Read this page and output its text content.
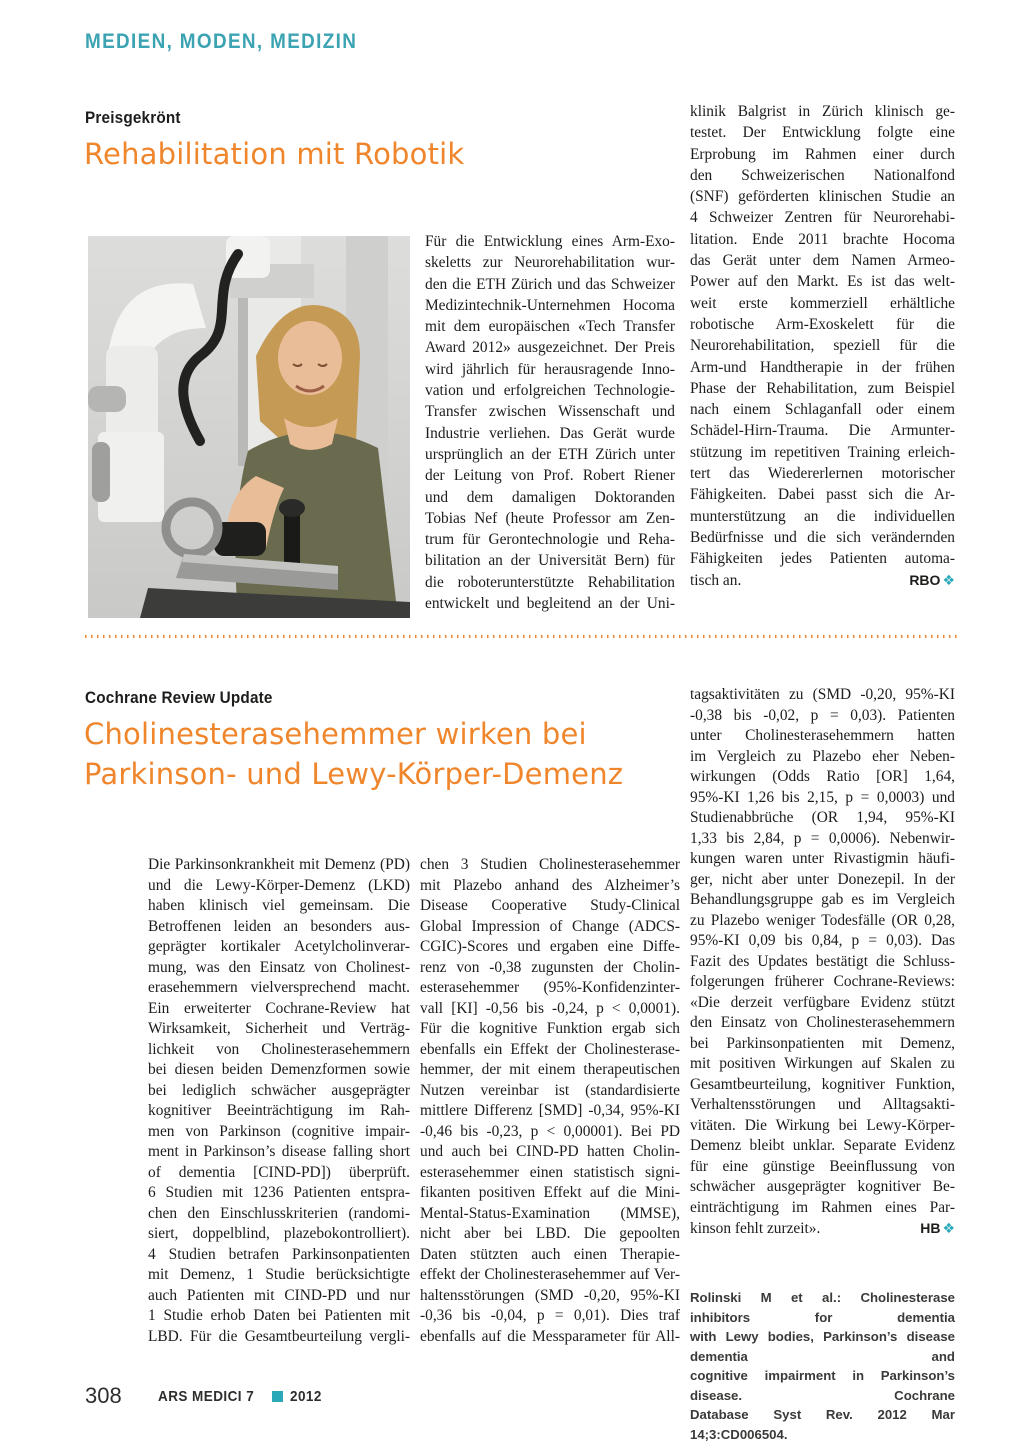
MEDIEN, MODEN, MEDIZIN
Preisgekrönt
Rehabilitation mit Robotik
Für die Entwicklung eines Arm-Exo-
skeletts zur Neurorehabilitation wur-
den die ETH Zürich und das Schweizer
Medizintechnik-Unternehmen Hocoma
mit dem europäischen «Tech Transfer
Award 2012» ausgezeichnet. Der Preis
wird jährlich für herausragende Inno-
vation und erfolgreichen Technologie-
Transfer zwischen Wissenschaft und
Industrie verliehen. Das Gerät wurde
ursprünglich an der ETH Zürich unter
der Leitung von Prof. Robert Riener
und dem damaligen Doktoranden
Tobias Nef (heute Professor am Zen-
trum für Gerontechnologie und Reha-
bilitation an der Universität Bern) für
die roboterunterstützte Rehabilitation
entwickelt und begleitend an der Uni-
klinik Balgrist in Zürich klinisch ge-
testet. Der Entwicklung folgte eine
Erprobung im Rahmen einer durch
den Schweizerischen Nationalfond
(SNF) geförderten klinischen Studie an
4 Schweizer Zentren für Neurorehabi-
litation. Ende 2011 brachte Hocoma
das Gerät unter dem Namen Armeo-
Power auf den Markt. Es ist das welt-
weit erste kommerziell erhältliche
robotische Arm-Exoskelett für die
Neurorehabilitation, speziell für die
Arm-und Handtherapie in der frühen
Phase der Rehabilitation, zum Beispiel
nach einem Schlaganfall oder einem
Schädel-Hirn-Trauma. Die Armunter-
stützung im repetitiven Training erleich-
tert das Wiedererlernen motorischer
Fähigkeiten. Dabei passt sich die Ar-
munterstützung an die individuellen
Bedürfnisse und die sich verändernden
Fähigkeiten jedes Patienten automa-
tisch an.	RBO ❖
Cochrane Review Update
Cholinesterasehemmer wirken bei
Parkinson- und Lewy-Körper-Demenz
Die Parkinsonkrankheit mit Demenz (PD)
und die Lewy-Körper-Demenz (LKD)
haben klinisch viel gemeinsam. Die
Betroffenen leiden an besonders aus-
geprägter kortikaler Acetylcholinverar-
mung, was den Einsatz von Cholinest-
erasehemmern vielversprechend macht.
Ein erweiterter Cochrane-Review hat
Wirksamkeit, Sicherheit und Verträg-
lichkeit von Cholinesterasehemmern
bei diesen beiden Demenzformen sowie
bei lediglich schwächer ausgeprägter
kognitiver Beeinträchtigung im Rah-
men von Parkinson (cognitive impair-
ment in Parkinson’s disease falling short
of dementia [CIND-PD]) überprüft.
6 Studien mit 1236 Patienten entspra-
chen den Einschlusskriterien (randomi-
siert, doppelblind, plazebokontrolliert).
4 Studien betrafen Parkinsonpatienten
mit Demenz, 1 Studie berücksichtigte
auch Patienten mit CIND-PD und nur
1 Studie erhob Daten bei Patienten mit
LBD. Für die Gesamtbeurteilung vergli-
chen 3 Studien Cholinesterasehemmer
mit Plazebo anhand des Alzheimer’s
Disease Cooperative Study-Clinical
Global Impression of Change (ADCS-
CGIC)-Scores und ergaben eine Diffe-
renz von -0,38 zugunsten der Cholin-
esterasehemmer (95%-Konfidenzinter-
vall [KI] -0,56 bis -0,24, p < 0,0001).
Für die kognitive Funktion ergab sich
ebenfalls ein Effekt der Cholinesterase-
hemmer, der mit einem therapeutischen
Nutzen vereinbar ist (standardisierte
mittlere Differenz [SMD] -0,34, 95%-KI
-0,46 bis -0,23, p < 0,00001). Bei PD
und auch bei CIND-PD hatten Cholin-
esterasehemmer einen statistisch signi-
fikanten positiven Effekt auf die Mini-
Mental-Status-Examination (MMSE),
nicht aber bei LBD. Die gepoolten
Daten stützten auch einen Therapie-
effekt der Cholinesterasehemmer auf Ver-
haltensstörungen (SMD -0,20, 95%-KI
-0,36 bis -0,04, p = 0,01). Dies traf
ebenfalls auf die Messparameter für All-
tagsaktivitäten zu (SMD -0,20, 95%-KI
-0,38 bis -0,02, p = 0,03). Patienten
unter Cholinesterasehemmern hatten
im Vergleich zu Plazebo eher Neben-
wirkungen (Odds Ratio [OR] 1,64,
95%-KI 1,26 bis 2,15, p = 0,0003) und
Studienabbrüche (OR 1,94, 95%-KI
1,33 bis 2,84, p = 0,0006). Nebenwir-
kungen waren unter Rivastigmin häufi-
ger, nicht aber unter Donezepil. In der
Behandlungsgruppe gab es im Vergleich
zu Plazebo weniger Todesfälle (OR 0,28,
95%-KI 0,09 bis 0,84, p = 0,03). Das
Fazit des Updates bestätigt die Schluss-
folgerungen früherer Cochrane-Reviews:
«Die derzeit verfügbare Evidenz stützt
den Einsatz von Cholinesterasehemmern
bei Parkinsonpatienten mit Demenz,
mit positiven Wirkungen auf Skalen zu
Gesamtbeurteilung, kognitiver Funktion,
Verhaltensstörungen und Alltagsakti-
vitäten. Die Wirkung bei Lewy-Körper-
Demenz bleibt unklar. Separate Evidenz
für eine günstige Beeinflussung von
schwächer ausgeprägter kognitiver Be-
einträchtigung im Rahmen eines Par-
kinson fehlt zurzeit».	HB ❖
Rolinski M et al.: Cholinesterase inhibitors for dementia
with Lewy bodies, Parkinson’s disease dementia and
cognitive impairment in Parkinson’s disease. Cochrane
Database Syst Rev. 2012 Mar 14;3:CD006504.
308 ARS MEDICI 7 2012
